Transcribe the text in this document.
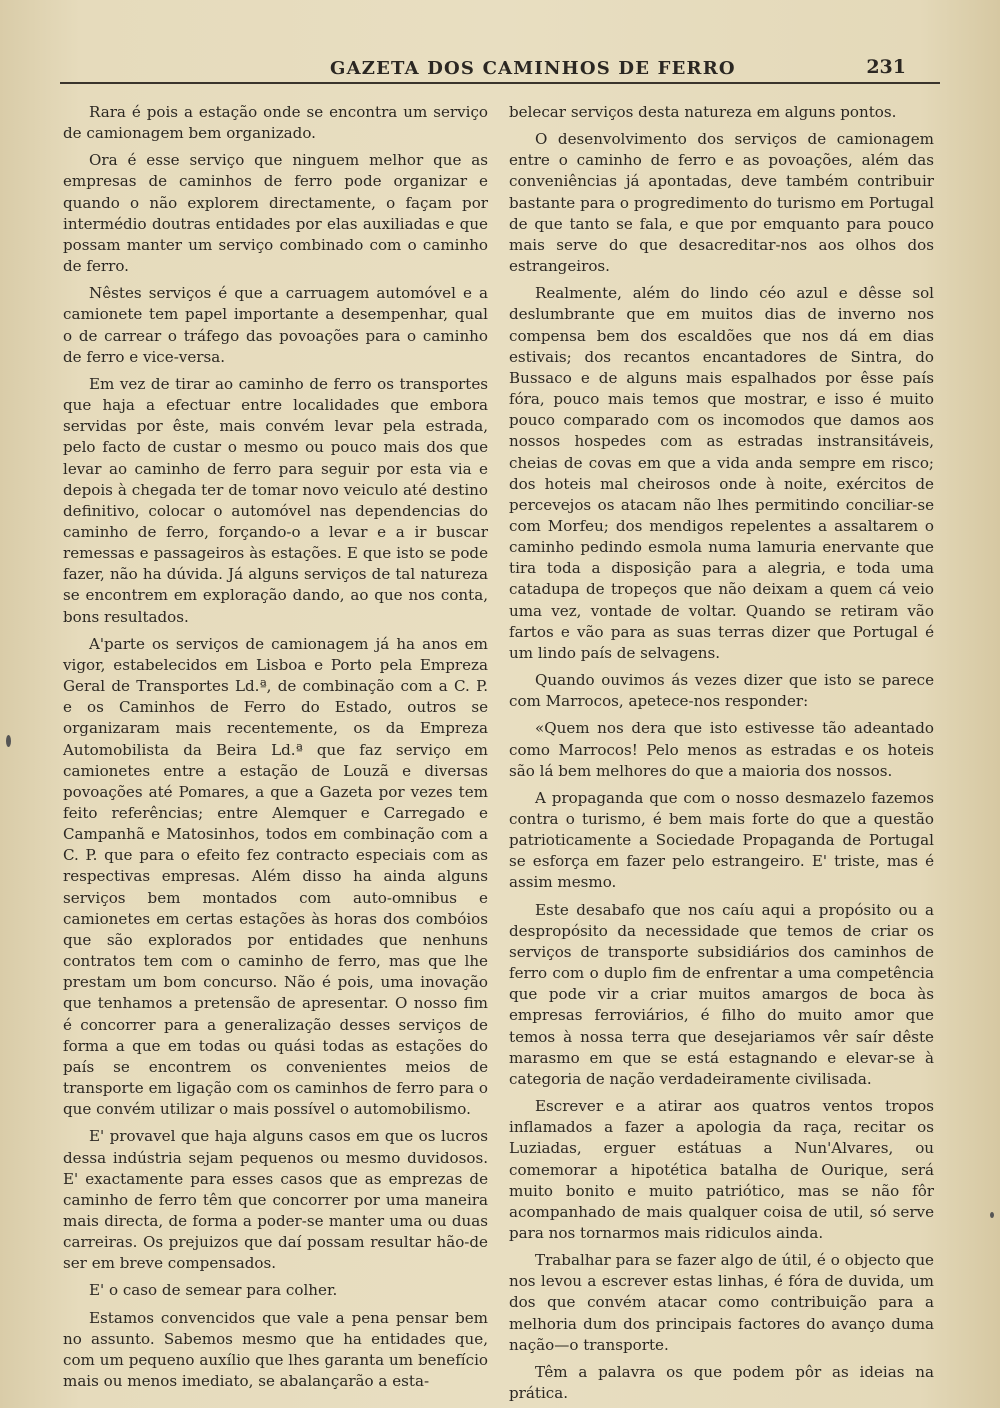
GAZETA DOS CAMINHOS DE FERRO	231

Rara é pois a estação onde se encontra um serviço de camionagem bem organizado.

Ora é esse serviço que ninguem melhor que as empresas de caminhos de ferro pode organizar e quando o não explorem directamente, o façam por intermédio doutras entidades por elas auxiliadas e que possam manter um serviço combinado com o caminho de ferro.

Nêstes serviços é que a carruagem automóvel e a camionete tem papel importante a desempenhar, qual o de carrear o tráfego das povoações para o caminho de ferro e vice-versa.

Em vez de tirar ao caminho de ferro os transportes que haja a efectuar entre localidades que embora servidas por êste, mais convém levar pela estrada, pelo facto de custar o mesmo ou pouco mais dos que levar ao caminho de ferro para seguir por esta via e depois à chegada ter de tomar novo veiculo até destino definitivo, colocar o automóvel nas dependencias do caminho de ferro, forçando-o a levar e a ir buscar remessas e passageiros às estações. E que isto se pode fazer, não ha dúvida. Já alguns serviços de tal natureza se encontrem em exploração dando, ao que nos conta, bons resultados.

A'parte os serviços de camionagem já ha anos em vigor, estabelecidos em Lisboa e Porto pela Empreza Geral de Transportes Ld.ª, de combinação com a C. P. e os Caminhos de Ferro do Estado, outros se organizaram mais recentemente, os da Empreza Automobilista da Beira Ld.ª que faz serviço em camionetes entre a estação de Louzã e diversas povoações até Pomares, a que a Gazeta por vezes tem feito referências; entre Alemquer e Carregado e Campanhã e Matosinhos, todos em combinação com a C. P. que para o efeito fez contracto especiais com as respectivas empresas. Além disso ha ainda alguns serviços bem montados com auto-omnibus e camionetes em certas estações às horas dos combóios que são explorados por entidades que nenhuns contratos tem com o caminho de ferro, mas que lhe prestam um bom concurso. Não é pois, uma inovação que tenhamos a pretensão de apresentar. O nosso fim é concorrer para a generalização desses serviços de forma a que em todas ou quási todas as estações do país se encontrem os convenientes meios de transporte em ligação com os caminhos de ferro para o que convém utilizar o mais possível o automobilismo.

E' provavel que haja alguns casos em que os lucros dessa indústria sejam pequenos ou mesmo duvidosos. E' exactamente para esses casos que as emprezas de caminho de ferro têm que concorrer por uma maneira mais directa, de forma a poder-se manter uma ou duas carreiras. Os prejuizos que daí possam resultar hão-de ser em breve compensados.

E' o caso de semear para colher.

Estamos convencidos que vale a pena pensar bem no assunto. Sabemos mesmo que ha entidades que, com um pequeno auxílio que lhes garanta um benefício mais ou menos imediato, se abalançarão a esta-

belecar serviços desta natureza em alguns pontos.

O desenvolvimento dos serviços de camionagem entre o caminho de ferro e as povoações, além das conveniências já apontadas, deve também contribuir bastante para o progredimento do turismo em Portugal de que tanto se fala, e que por emquanto para pouco mais serve do que desacreditar-nos aos olhos dos estrangeiros.

Realmente, além do lindo céo azul e dêsse sol deslumbrante que em muitos dias de inverno nos compensa bem dos escaldões que nos dá em dias estivais; dos recantos encantadores de Sintra, do Bussaco e de alguns mais espalhados por êsse país fóra, pouco mais temos que mostrar, e isso é muito pouco comparado com os incomodos que damos aos nossos hospedes com as estradas instransitáveis, cheias de covas em que a vida anda sempre em risco; dos hoteis mal cheirosos onde à noite, exércitos de percevejos os atacam não lhes permitindo conciliar-se com Morfeu; dos mendigos repelentes a assaltarem o caminho pedindo esmola numa lamuria enervante que tira toda a disposição para a alegria, e toda uma catadupa de tropeços que não deixam a quem cá veio uma vez, vontade de voltar. Quando se retiram vão fartos e vão para as suas terras dizer que Portugal é um lindo país de selvagens.

Quando ouvimos ás vezes dizer que isto se parece com Marrocos, apetece-nos responder:

«Quem nos dera que isto estivesse tão adeantado como Marrocos! Pelo menos as estradas e os hoteis são lá bem melhores do que a maioria dos nossos.

A propaganda que com o nosso desmazelo fazemos contra o turismo, é bem mais forte do que a questão patrioticamente a Sociedade Propaganda de Portugal se esforça em fazer pelo estrangeiro. E' triste, mas é assim mesmo.

Este desabafo que nos caíu aqui a propósito ou a despropósito da necessidade que temos de criar os serviços de transporte subsidiários dos caminhos de ferro com o duplo fim de enfrentar a uma competência que pode vir a criar muitos amargos de boca às empresas ferroviários, é filho do muito amor que temos à nossa terra que desejariamos vêr saír dêste marasmo em que se está estagnando e elevar-se à categoria de nação verdadeiramente civilisada.

Escrever e a atirar aos quatros ventos tropos inflamados a fazer a apologia da raça, recitar os Luziadas, erguer estátuas a Nun'Alvares, ou comemorar a hipotética batalha de Ourique, será muito bonito e muito patriótico, mas se não fôr acompanhado de mais qualquer coisa de util, só serve para nos tornarmos mais ridiculos ainda.

Trabalhar para se fazer algo de útil, é o objecto que nos levou a escrever estas linhas, é fóra de duvida, um dos que convém atacar como contribuição para a melhoria dum dos principais factores do avanço duma nação—o transporte.

Têm a palavra os que podem pôr as ideias na prática.
